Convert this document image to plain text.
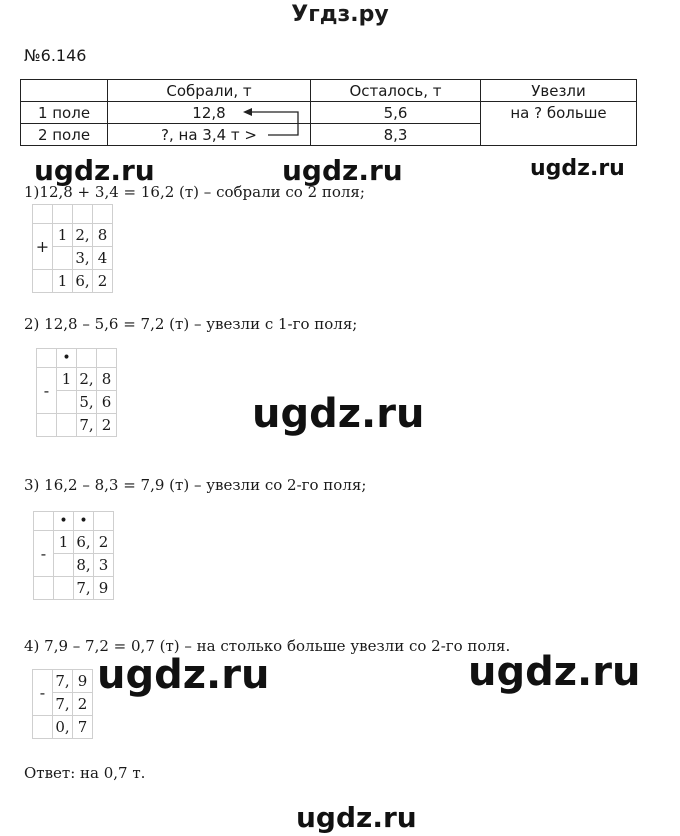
Угдз.ру
№6.146
	Собрали, т	Осталось, т	Увезли
1 поле	12,8	5,6	на ? больше
2 поле	?, на 3,4 т >	8,3	
ugdz.ru	ugdz.ru	ugdz.ru
ugdz.ru
ugdz.ru	ugdz.ru
ugdz.ru
1)12,8 + 3,4 = 16,2 (т) – собрали со 2 поля;

+	1	2,	8
		3,	4
	1	6,	2
2) 12,8 – 5,6 = 7,2 (т) – увезли с 1-го поля;
	•		
-	1	2,	8
		5,	6
		7,	2
3) 16,2 – 8,3 = 7,9 (т) – увезли со 2-го поля;
	•	•	
-	1	6,	2
		8,	3
		7,	9
4) 7,9 – 7,2 = 0,7 (т) – на столько больше увезли со 2-го поля.
-	7,	9
	7,	2
	0,	7
Ответ: на 0,7 т.
